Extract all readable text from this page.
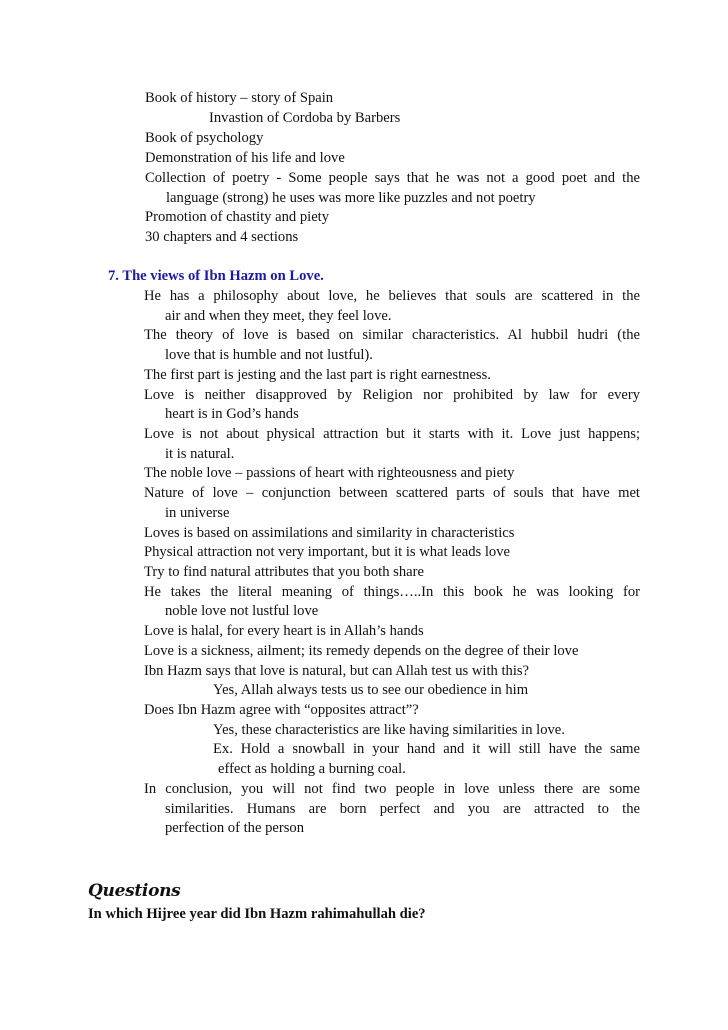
Book of history – story of Spain
Invastion of Cordoba by Barbers
Book of psychology
Demonstration of his life and love
Collection of poetry - Some people says that he was not a good poet and the
language (strong) he uses was more like puzzles and not poetry
Promotion of chastity and piety
30 chapters and 4 sections
7. The views of Ibn Hazm on Love.
He has a philosophy about love, he believes that souls are scattered in the
air and when they meet, they feel love.
The theory of love is based on similar characteristics. Al hubbil hudri (the
love that is humble and not lustful).
The first part is jesting and the last part is right earnestness.
Love is neither disapproved by Religion nor prohibited by law for every
heart is in God’s hands
Love is not about physical attraction but it starts with it. Love just happens;
it is natural.
The noble love – passions of heart with righteousness and piety
Nature of love – conjunction between scattered parts of souls that have met
in universe
Loves is based on assimilations and similarity in characteristics
Physical attraction not very important, but it is what leads love
Try to find natural attributes that you both share
He takes the literal meaning of things…..In this book he was looking for
noble love not lustful love
Love is halal, for every heart is in Allah’s hands
Love is a sickness, ailment; its remedy depends on the degree of their love
Ibn Hazm says that love is natural, but can Allah test us with this?
Yes, Allah always tests us to see our obedience in him
Does Ibn Hazm agree with “opposites attract”?
Yes, these characteristics are like having similarities in love.
Ex. Hold a snowball in your hand and it will still have the same
effect as holding a burning coal.
In conclusion, you will not find two people in love unless there are some
similarities. Humans are born perfect and you are attracted to the
perfection of the person
Questions
In which Hijree year did Ibn Hazm rahimahullah die?
